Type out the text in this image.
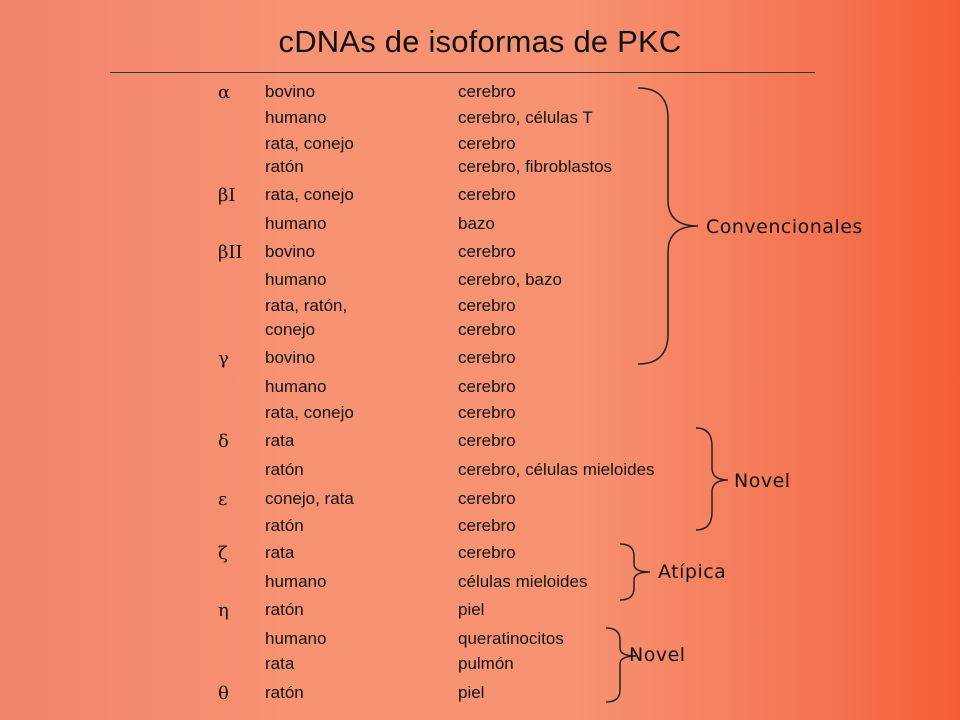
cDNAs de isoformas de PKC
α bovino	cerebro
humano	cerebro, células T
rata, conejo	cerebro
ratón	cerebro, fibroblastos
βI rata, conejo	cerebro
humano	bazo
βII bovino	cerebro
humano	cerebro, bazo
rata, ratón,	cerebro
conejo	cerebro
γ bovino	cerebro
humano	cerebro
rata, conejo	cerebro
δ rata	cerebro
ratón	cerebro, células mieloides
ε conejo, rata	cerebro
ratón	cerebro
ζ rata	cerebro
humano	células mieloides
η ratón	piel
humano	queratinocitos
rata	pulmón
θ ratón	piel
Convencionales
Novel
Atípica
Novel
